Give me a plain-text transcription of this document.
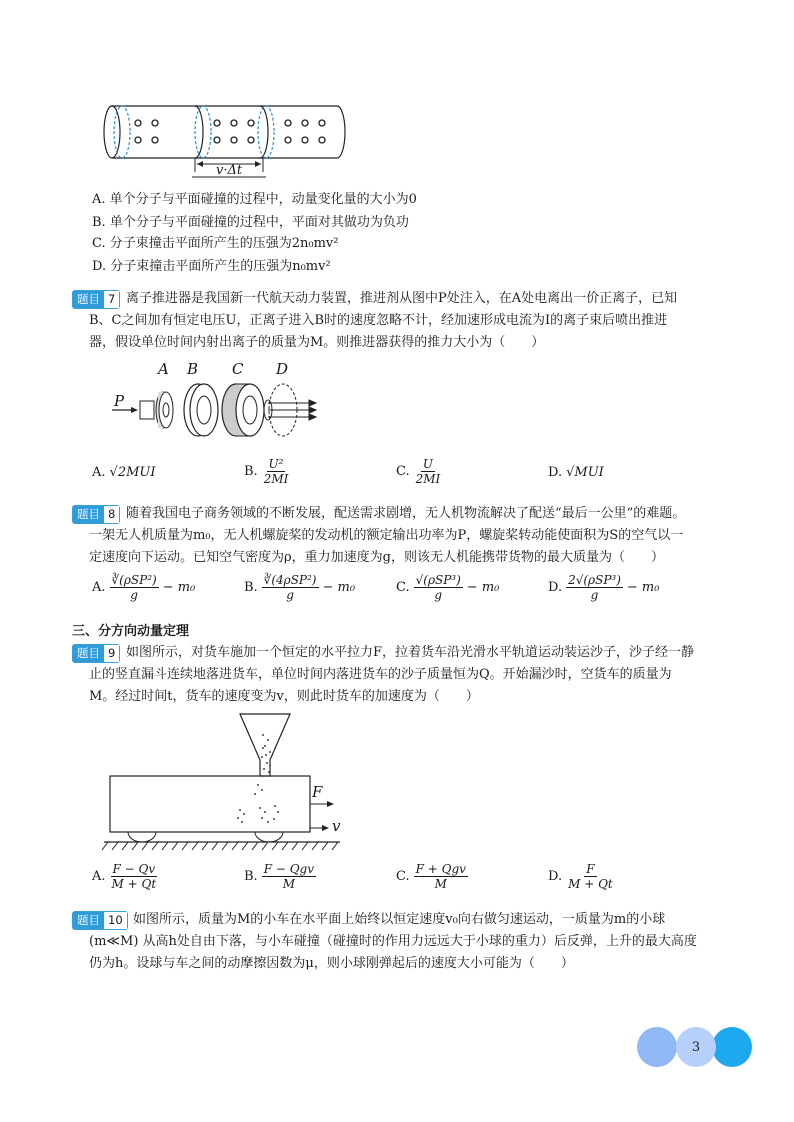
v·Δt
A. 单个分子与平面碰撞的过程中，动量变化量的大小为0
B. 单个分子与平面碰撞的过程中，平面对其做功为负功
C. 分子束撞击平面所产生的压强为2n₀mv²
D. 分子束撞击平面所产生的压强为n₀mv²
题目 7 离子推进器是我国新一代航天动力装置，推进剂从图中P处注入，在A处电离出一价正离子，已知
B、C之间加有恒定电压U，正离子进入B时的速度忽略不计，经加速形成电流为I的离子束后喷出推进
器，假设单位时间内射出离子的质量为M。则推进器获得的推力大小为（　　）
P
A B C D
A. √2MUI	B. $\frac{\text{U²}}{2MI}$	C. $\frac{U}{2MI}$	D. √MUI
题目 8 随着我国电子商务领域的不断发展，配送需求剧增，无人机物流解决了配送“最后一公里”的难题。
一架无人机质量为m₀，无人机螺旋桨的发动机的额定输出功率为P，螺旋桨转动能使面积为S的空气以一
定速度向下运动。已知空气密度为ρ，重力加速度为g，则该无人机能携带货物的最大质量为（　　）
A. $\frac{\text{∛(ρSP²)}}{g} - m_0$	B. $\frac{\text{∛(4ρSP²)}}{g} - m_0$	C. $\frac{\text{√(ρSP³)}}{g} - m_0$	D. $\frac{\text{2√(ρSP³)}}{g} - m_0$
三、分方向动量定理
题目 9 如图所示，对货车施加一个恒定的水平拉力F，拉着货车沿光滑水平轨道运动装运沙子，沙子经一静
止的竖直漏斗连续地落进货车，单位时间内落进货车的沙子质量恒为Q。开始漏沙时，空货车的质量为
M。经过时间t，货车的速度变为v，则此时货车的加速度为（　　）
F
v
A. $\frac{F - Qv}{M + Qt}$	B. $\frac{\text{F − Qgv}}{M}$	C. $\frac{\text{F + Qgv}}{M}$	D. $\frac{F}{M + Qt}$
题目 10 如图所示，质量为M的小车在水平面上始终以恒定速度v₀向右做匀速运动，一质量为m的小球
(m≪M) 从高h处自由下落，与小车碰撞（碰撞时的作用力远远大于小球的重力）后反弹，上升的最大高度
仍为h。设球与车之间的动摩擦因数为μ，则小球刚弹起后的速度大小可能为（　　）
3
